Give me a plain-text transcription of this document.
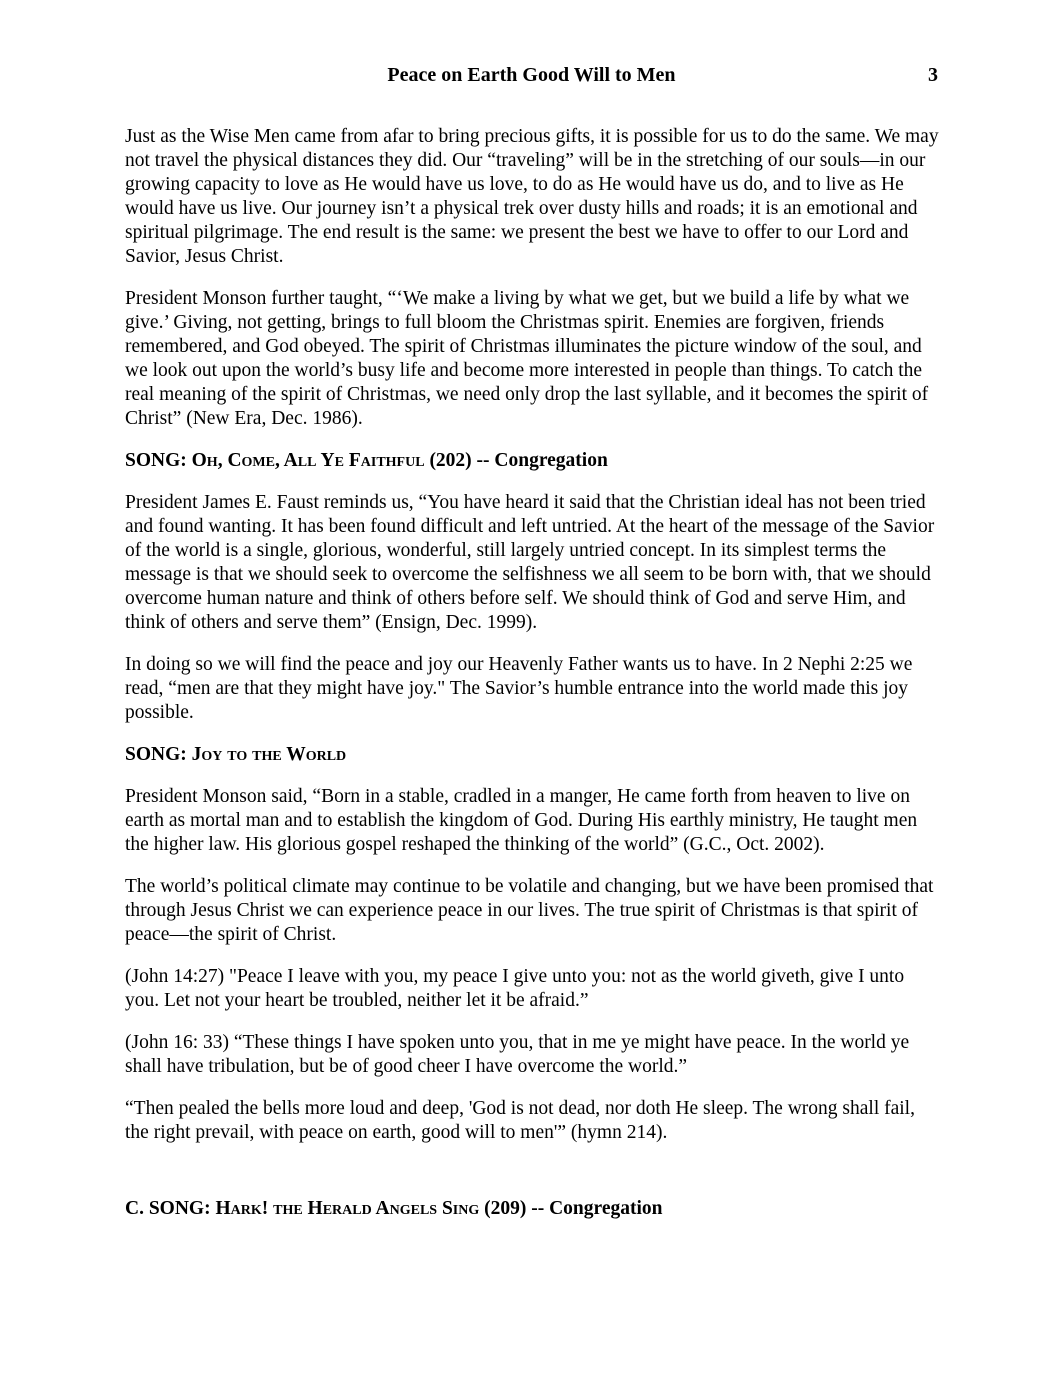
Peace on Earth Good Will to Men	3

Just as the Wise Men came from afar to bring precious gifts, it is possible for us to do the same. We may not travel the physical distances they did. Our “traveling” will be in the stretching of our souls—in our growing capacity to love as He would have us love, to do as He would have us do, and to live as He would have us live. Our journey isn’t a physical trek over dusty hills and roads; it is an emotional and spiritual pilgrimage. The end result is the same: we present the best we have to offer to our Lord and Savior, Jesus Christ.

President Monson further taught, “‘We make a living by what we get, but we build a life by what we give.’ Giving, not getting, brings to full bloom the Christmas spirit. Enemies are forgiven, friends remembered, and God obeyed. The spirit of Christmas illuminates the picture window of the soul, and we look out upon the world’s busy life and become more interested in people than things. To catch the real meaning of the spirit of Christmas, we need only drop the last syllable, and it becomes the spirit of Christ” (New Era, Dec. 1986).

SONG: Oh, Come, All Ye Faithful (202) -- Congregation

President James E. Faust reminds us, “You have heard it said that the Christian ideal has not been tried and found wanting. It has been found difficult and left untried. At the heart of the message of the Savior of the world is a single, glorious, wonderful, still largely untried concept. In its simplest terms the message is that we should seek to overcome the selfishness we all seem to be born with, that we should overcome human nature and think of others before self. We should think of God and serve Him, and think of others and serve them” (Ensign, Dec. 1999).

In doing so we will find the peace and joy our Heavenly Father wants us to have. In 2 Nephi 2:25 we read, “men are that they might have joy." The Savior’s humble entrance into the world made this joy possible.

SONG: Joy to the World

President Monson said, “Born in a stable, cradled in a manger, He came forth from heaven to live on earth as mortal man and to establish the kingdom of God. During His earthly ministry, He taught men the higher law. His glorious gospel reshaped the thinking of the world” (G.C., Oct. 2002).

The world’s political climate may continue to be volatile and changing, but we have been promised that through Jesus Christ we can experience peace in our lives. The true spirit of Christmas is that spirit of peace—the spirit of Christ.

(John 14:27) "Peace I leave with you, my peace I give unto you: not as the world giveth, give I unto you. Let not your heart be troubled, neither let it be afraid.”

(John 16: 33) “These things I have spoken unto you, that in me ye might have peace. In the world ye shall have tribulation, but be of good cheer I have overcome the world.”

“Then pealed the bells more loud and deep, 'God is not dead, nor doth He sleep. The wrong shall fail, the right prevail, with peace on earth, good will to men'” (hymn 214).

C. SONG: Hark! the Herald Angels Sing (209) -- Congregation
